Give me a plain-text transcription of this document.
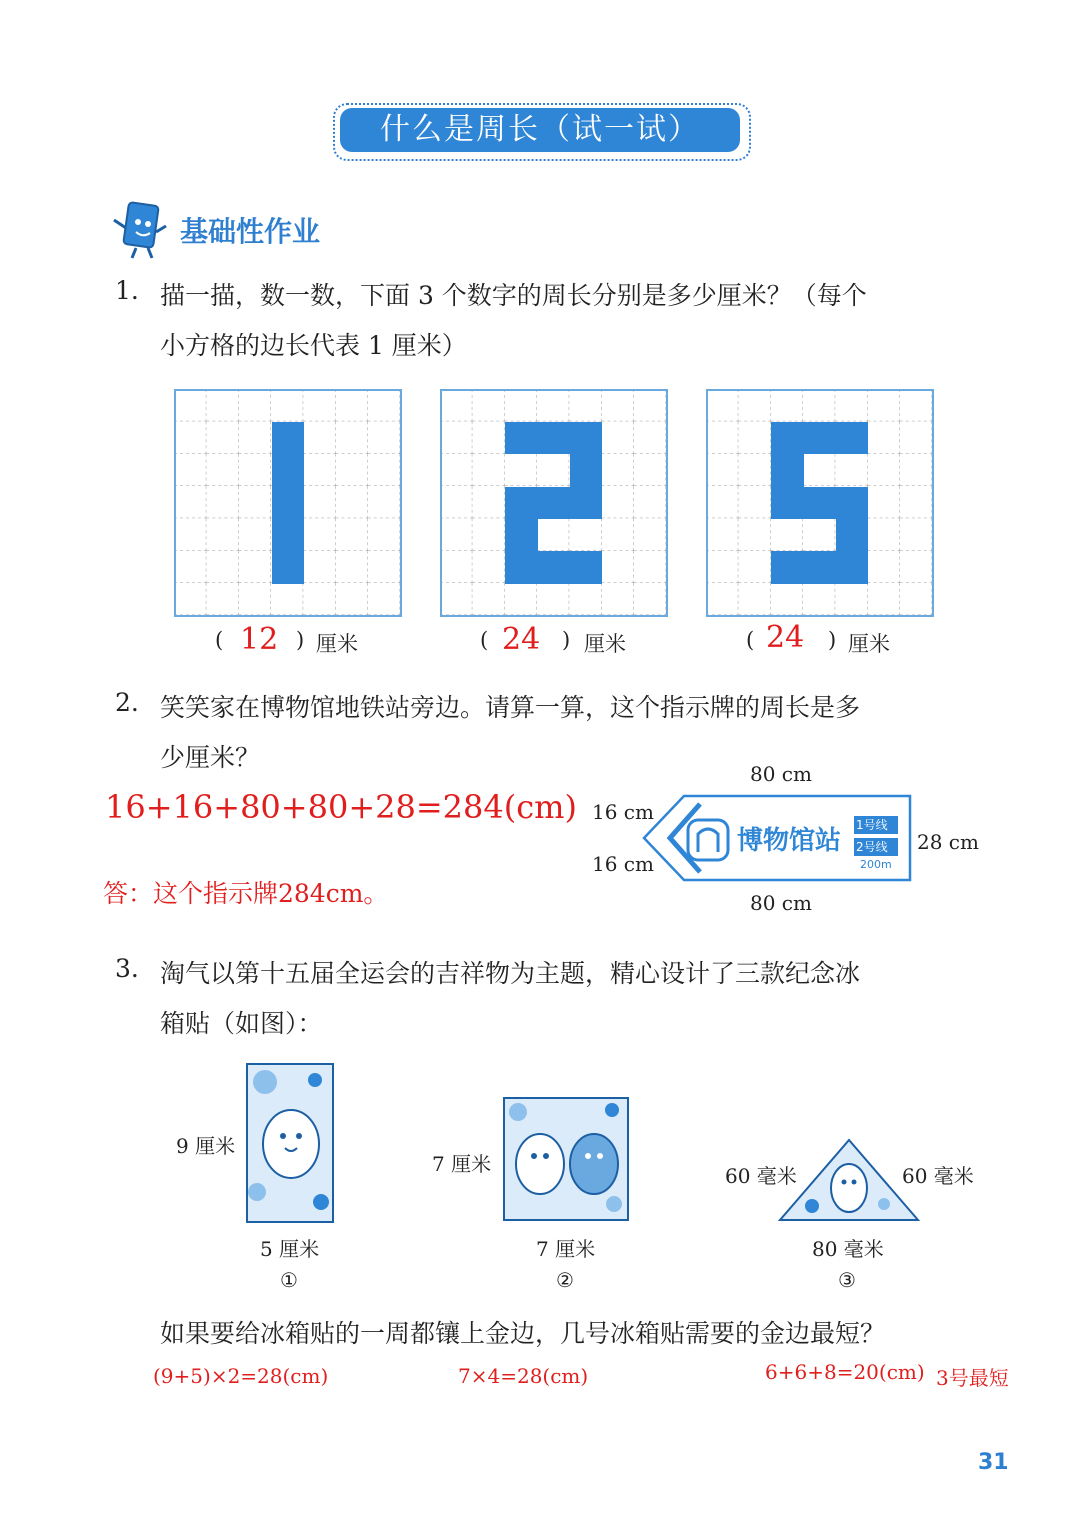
什么是周长（试一试）
基础性作业
1. 描一描，数一数，下面 3 个数字的周长分别是多少厘米？（每个
小方格的边长代表 1 厘米）
( 12 ) 厘米	( 24 ) 厘米	( 24 ) 厘米
2. 笑笑家在博物馆地铁站旁边。请算一算，这个指示牌的周长是多
少厘米？
16+16+80+80+28=284(cm)
答：这个指示牌284cm。
80 cm
16 cm
16 cm
28 cm
80 cm
博物馆站
1号线
2号线
200m
3. 淘气以第十五届全运会的吉祥物为主题，精心设计了三款纪念冰
箱贴（如图）：
9 厘米
5 厘米
①
7 厘米
7 厘米
②
60 毫米	60 毫米
80 毫米
③
如果要给冰箱贴的一周都镶上金边，几号冰箱贴需要的金边最短？
(9+5)×2=28(cm)	7×4=28(cm)	6+6+8=20(cm) 3号最短
31
